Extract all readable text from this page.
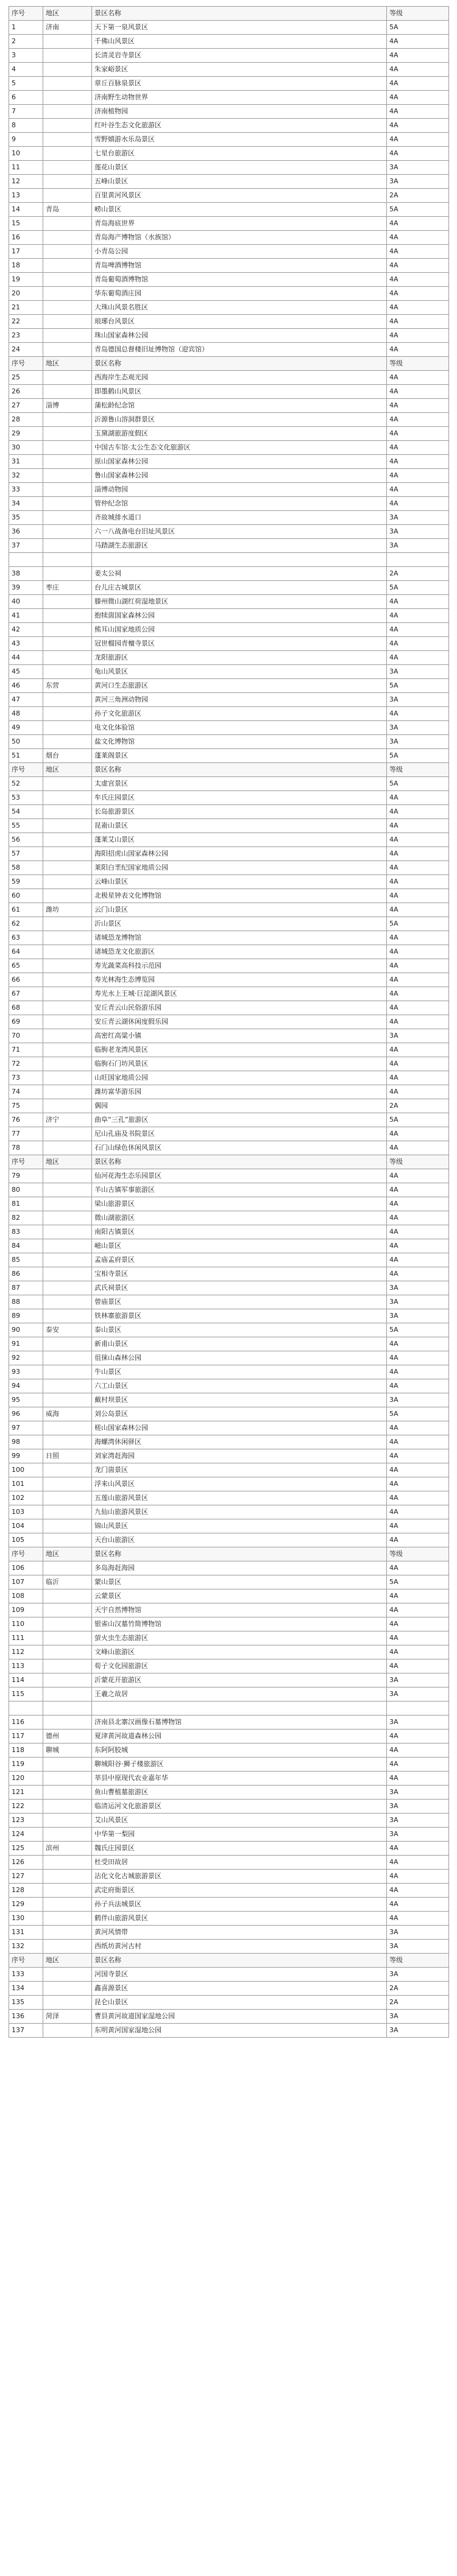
序号	地区	景区名称	等级
1	济南	天下第一泉风景区	5A
2		千佛山风景区	4A
3		长清灵岩寺景区	4A
4		朱家峪景区	4A
5		章丘百脉泉景区	4A
6		济南野生动物世界	4A
7		济南植物园	4A
8		红叶谷生态文化旅游区	4A
9		雪野嬉游水乐岛景区	4A
10		七星台旅游区	4A
11		莲花山景区	3A
12		五峰山景区	3A
13		百里黄河风景区	2A
14	青岛	崂山景区	5A
15		青岛海底世界	4A
16		青岛海产博物馆（水族馆）	4A
17		小青岛公园	4A
18		青岛啤酒博物馆	4A
19		青岛葡萄酒博物馆	4A
20		华东葡萄酒庄园	4A
21		大珠山风景名胜区	4A
22		琅琊台风景区	4A
23		珠山国家森林公园	4A
24		青岛德国总督楼旧址博物馆（迎宾馆）	4A
序号	地区	景区名称	等级
25		西海岸生态观光园	4A
26		即墨鹤山风景区	4A
27	淄博	蒲松龄纪念馆	4A
28		沂源鲁山溶洞群景区	4A
29		玉黛湖旅游度假区	4A
30		中国古车馆·太公生态文化旅游区	4A
31		原山国家森林公园	4A
32		鲁山国家森林公园	4A
33		淄博动物园	4A
34		管仲纪念馆	4A
35		齐故城排水道口	3A
36		六一八战备电台旧址风景区	3A
37		马踏湖生态旅游区	3A

38		姜太公祠	2A
39	枣庄	台儿庄古城景区	5A
40		滕州微山湖红荷湿地景区	4A
41		抱犊崮国家森林公园	4A
42		熊耳山国家地质公园	4A
43		冠世榴园青檀寺景区	4A
44		龙阳旅游区	4A
45		龟山风景区	3A
46	东营	黄河口生态旅游区	5A
47		黄河三角洲动物园	3A
48		孙子文化旅游区	4A
49		电文化体验馆	3A
50		盐文化博物馆	3A
51	烟台	蓬莱阁景区	5A
序号	地区	景区名称	等级
52		太虚宫景区	5A
53		牟氏庄园景区	4A
54		长岛旅游景区	4A
55		昆嵛山景区	4A
56		蓬莱艾山景区	4A
57		海阳招虎山国家森林公园	4A
58		莱阳白垩纪国家地质公园	4A
59		云峰山景区	4A
60		北极星钟表文化博物馆	4A
61	潍坊	云门山景区	4A
62		沂山景区	5A
63		诸城恐龙博物馆	4A
64		诸城恐龙文化旅游区	4A
65		寿光蔬菜高科技示范园	4A
66		寿光林海生态博览园	4A
67		寿光水上王城·巨淀湖风景区	4A
68		安丘青云山民俗游乐园	4A
69		安丘青云湖休闲度假乐园	4A
70		高密红高粱小镇	3A
71		临朐老龙湾风景区	4A
72		临朐石门坊风景区	4A
73		山旺国家地质公园	4A
74		潍坊富华游乐园	4A
75		偶园	2A
76	济宁	曲阜“三孔”旅游区	5A
77		尼山孔庙及书院景区	4A
78		石门山绿色休闲风景区	4A
序号	地区	景区名称	等级
79		仙河花海生态乐园景区	4A
80		羊山古镇军事旅游区	4A
81		梁山旅游景区	4A
82		微山湖旅游区	4A
83		南阳古镇景区	4A
84		嵫山景区	4A
85		孟庙孟府景区	4A
86		宝相寺景区	4A
87		武氏祠景区	3A
88		曾庙景区	3A
89		铁林寨旅游景区	3A
90	泰安	泰山景区	5A
91		新甫山景区	4A
92		徂徕山森林公园	4A
93		牛山景区	4A
94		六工山景区	4A
95		戴村坝景区	3A
96	威海	刘公岛景区	5A
97		槎山国家森林公园	4A
98		海螺湾休闲驿区	4A
99	日照	刘家湾赶海园	4A
100		龙门崮景区	4A
101		浮来山风景区	4A
102		五莲山旅游风景区	4A
103		九仙山旅游风景区	4A
104		锦山风景区	4A
105		天台山旅游区	4A
序号	地区	景区名称	等级
106		多岛海赶海园	4A
107	临沂	蒙山景区	5A
108		云蒙景区	4A
109		天宇自然博物馆	4A
110		银雀山汉墓竹简博物馆	4A
111		萤火虫生态旅游区	4A
112		文峰山旅游区	4A
113		荀子文化园旅游区	4A
114		沂蒙花开旅游区	3A
115		王羲之故居	3A

116		济南县北寨汉画像石墓博物馆	3A
117	德州	夏津黄河故道森林公园	4A
118	聊城	东阿阿胶城	4A
119		聊城阳谷·狮子楼旅游区	4A
120		莘县中原现代农业嘉年华	4A
121		鱼山曹植墓旅游区	3A
122		临清运河文化旅游景区	3A
123		艾山风景区	3A
124		中华第一梨园	3A
125	滨州	魏氏庄园景区	4A
126		杜受田故居	4A
127		沾化文化古城旅游景区	4A
128		武定府衙景区	4A
129		孙子兵法城景区	4A
130		鹤伴山旅游风景区	4A
131		黄河风情带	3A
132		西纸坊黄河古村	3A
序号	地区	景区名称	等级
133		河国寺景区	3A
134		鑫喜源景区	2A
135		昆仑山景区	2A
136	菏泽	曹县黄河故道国家湿地公园	3A
137		东明黄河国家湿地公园	3A
